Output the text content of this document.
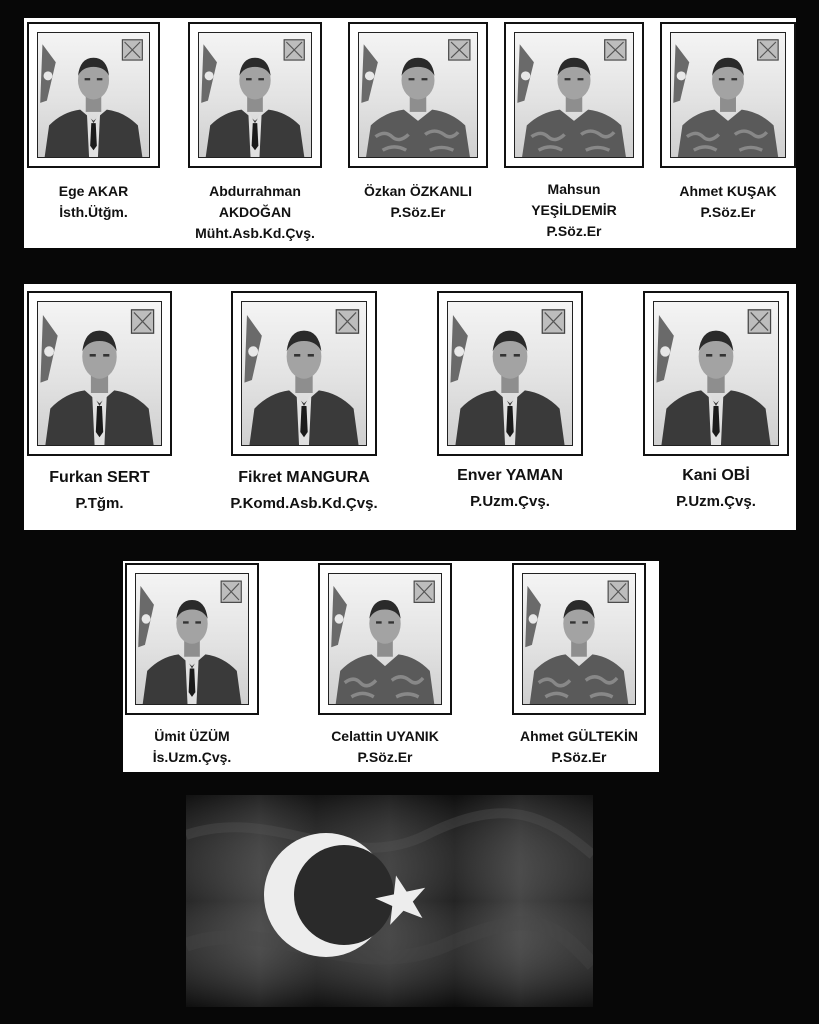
Ege AKAR
İsth.Ütğm.
Abdurrahman
AKDOĞAN
Müht.Asb.Kd.Çvş.
Özkan ÖZKANLI
P.Söz.Er
Mahsun
YEŞİLDEMİR
P.Söz.Er
Ahmet KUŞAK
P.Söz.Er
Furkan SERT
P.Tğm.
Fikret MANGURA
P.Komd.Asb.Kd.Çvş.
Enver YAMAN
P.Uzm.Çvş.
Kani OBİ
P.Uzm.Çvş.
Ümit ÜZÜM
İs.Uzm.Çvş.
Celattin UYANIK
P.Söz.Er
Ahmet GÜLTEKİN
P.Söz.Er
